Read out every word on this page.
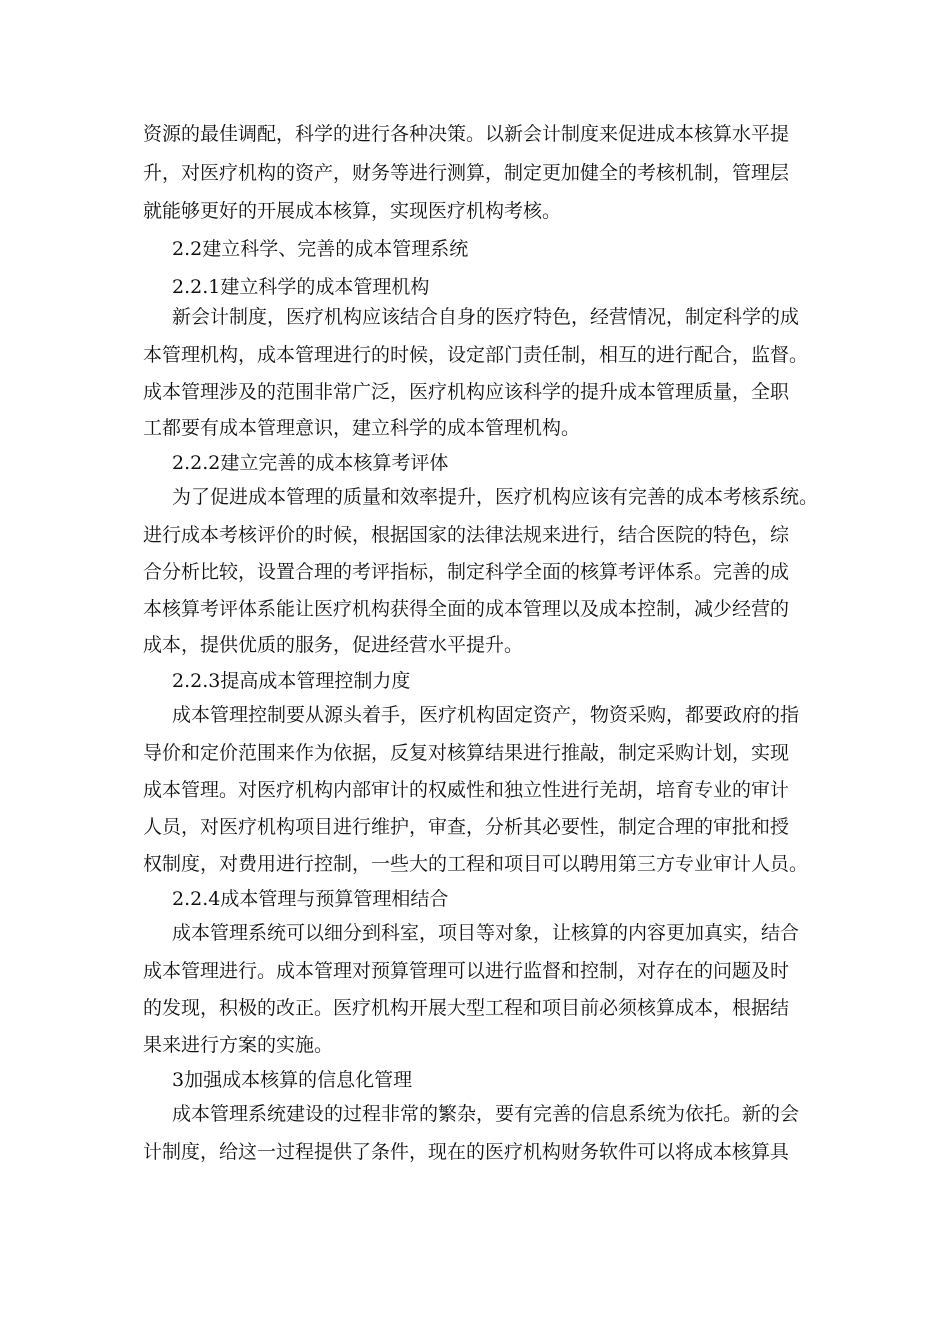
资源的最佳调配，科学的进行各种决策。以新会计制度来促进成本核算水平提
升，对医疗机构的资产，财务等进行测算，制定更加健全的考核机制，管理层
就能够更好的开展成本核算，实现医疗机构考核。
2.2建立科学、完善的成本管理系统
2.2.1建立科学的成本管理机构
新会计制度，医疗机构应该结合自身的医疗特色，经营情况，制定科学的成
本管理机构，成本管理进行的时候，设定部门责任制，相互的进行配合，监督。
成本管理涉及的范围非常广泛，医疗机构应该科学的提升成本管理质量，全职
工都要有成本管理意识，建立科学的成本管理机构。
2.2.2建立完善的成本核算考评体
为了促进成本管理的质量和效率提升，医疗机构应该有完善的成本考核系统。
进行成本考核评价的时候，根据国家的法律法规来进行，结合医院的特色，综
合分析比较，设置合理的考评指标，制定科学全面的核算考评体系。完善的成
本核算考评体系能让医疗机构获得全面的成本管理以及成本控制，减少经营的
成本，提供优质的服务，促进经营水平提升。
2.2.3提高成本管理控制力度
成本管理控制要从源头着手，医疗机构固定资产，物资采购，都要政府的指
导价和定价范围来作为依据，反复对核算结果进行推敲，制定采购计划，实现
成本管理。对医疗机构内部审计的权威性和独立性进行羌胡，培育专业的审计
人员，对医疗机构项目进行维护，审查，分析其必要性，制定合理的审批和授
权制度，对费用进行控制，一些大的工程和项目可以聘用第三方专业审计人员。
2.2.4成本管理与预算管理相结合
成本管理系统可以细分到科室，项目等对象，让核算的内容更加真实，结合
成本管理进行。成本管理对预算管理可以进行监督和控制，对存在的问题及时
的发现，积极的改正。医疗机构开展大型工程和项目前必须核算成本，根据结
果来进行方案的实施。
3加强成本核算的信息化管理
成本管理系统建设的过程非常的繁杂，要有完善的信息系统为依托。新的会
计制度，给这一过程提供了条件，现在的医疗机构财务软件可以将成本核算具
